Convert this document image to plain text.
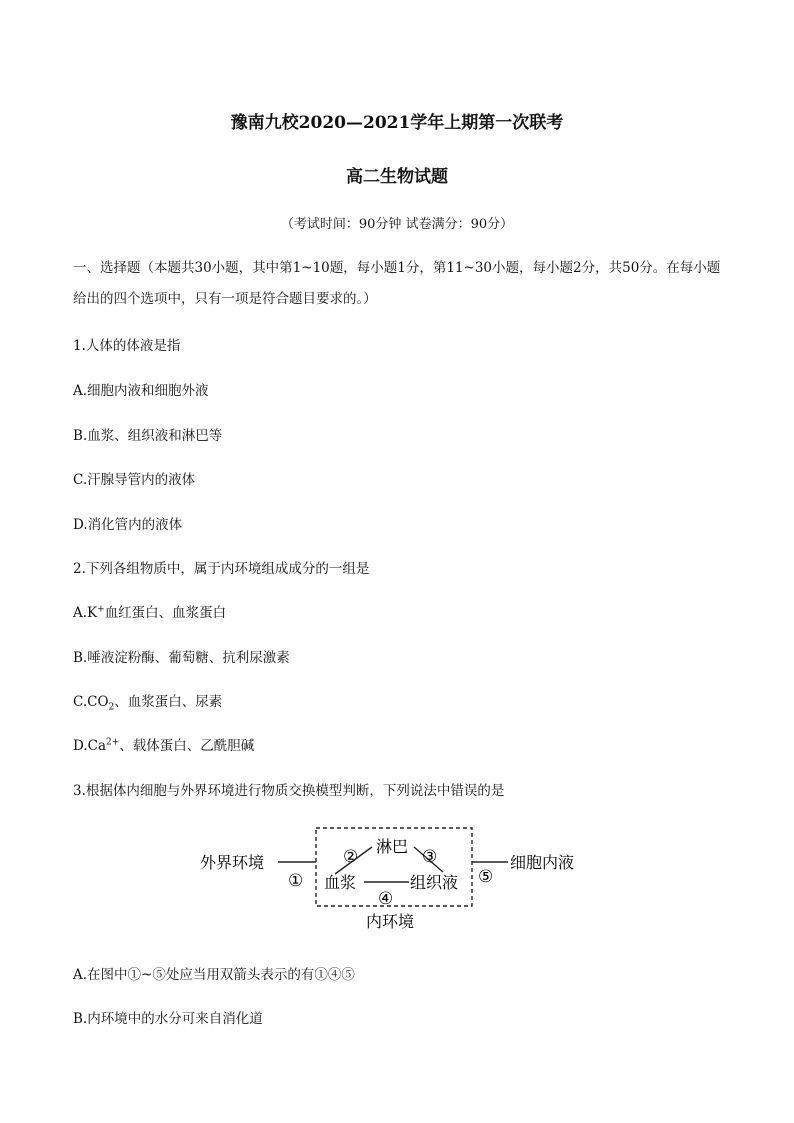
豫南九校2020—2021学年上期第一次联考
高二生物试题
（考试时间：90分钟 试卷满分：90分）
一、选择题（本题共30小题，其中第1~10题，每小题1分，第11~30小题，每小题2分，共50分。在每小题给出的四个选项中，只有一项是符合题目要求的。）
1.人体的体液是指
A.细胞内液和细胞外液
B.血浆、组织液和淋巴等
C.汗腺导管内的液体
D.消化管内的液体
2.下列各组物质中，属于内环境组成成分的一组是
A.K+血红蛋白、血浆蛋白
B.唾液淀粉酶、葡萄糖、抗利尿激素
$C.CO_2$、血浆蛋白、尿素
$D.Ca^{2+}$、载体蛋白、乙酰胆碱
3.根据体内细胞与外界环境进行物质交换模型判断，下列说法中错误的是
外界环境
①
②
淋巴
③
血浆	组织液
④
⑤
细胞内液
内环境
A.在图中①~⑤处应当用双箭头表示的有①④⑤
B.内环境中的水分可来自消化道
